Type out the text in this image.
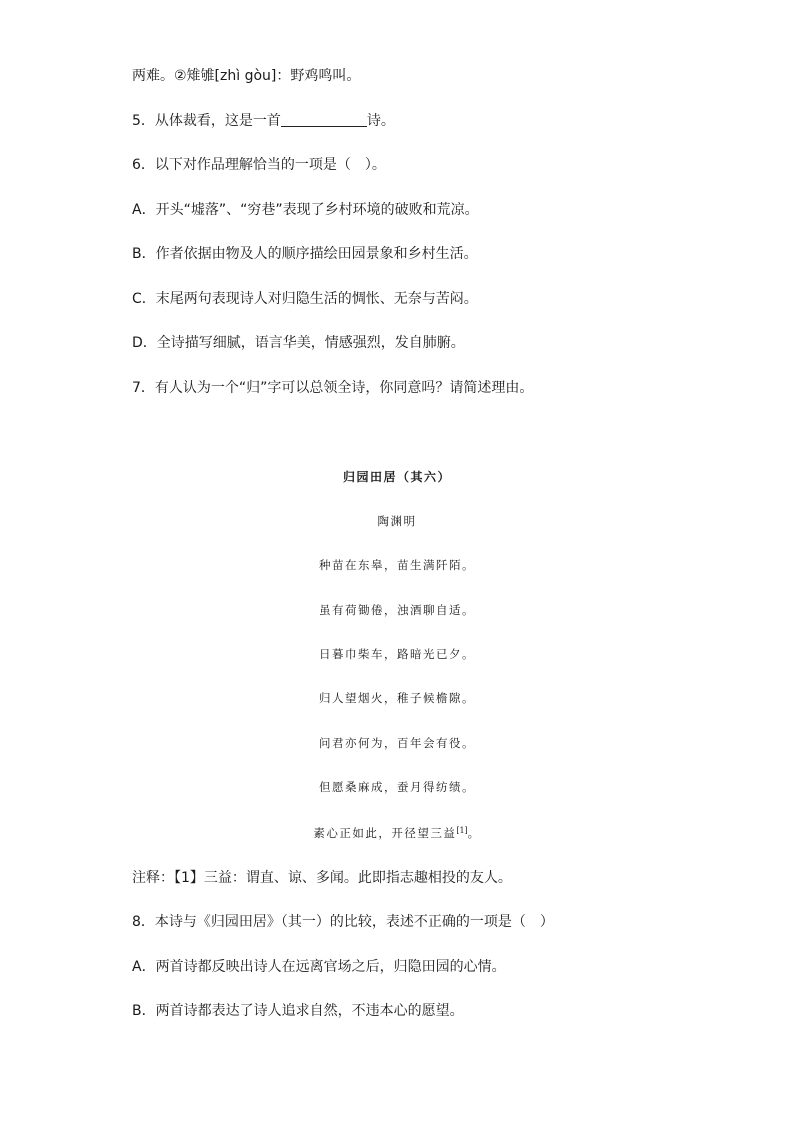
两难。②雉雊[zhì gòu]：野鸡鸣叫。
5．从体裁看，这是一首	诗。
6．以下对作品理解恰当的一项是（　）。
A．开头“墟落”、“穷巷”表现了乡村环境的破败和荒凉。
B．作者依据由物及人的顺序描绘田园景象和乡村生活。
C．末尾两句表现诗人对归隐生活的惆怅、无奈与苦闷。
D．全诗描写细腻，语言华美，情感强烈，发自肺腑。
7．有人认为一个“归”字可以总领全诗，你同意吗？请简述理由。
归园田居（其六）
陶渊明
种苗在东皋，苗生满阡陌。
虽有荷锄倦，浊酒聊自适。
日暮巾柴车，路暗光已夕。
归人望烟火，稚子候檐隙。
问君亦何为，百年会有役。
但愿桑麻成，蚕月得纺绩。
素心正如此，开径望三益[1]。
注释：【1】三益：谓直、谅、多闻。此即指志趣相投的友人。
8．本诗与《归园田居》（其一）的比较，表述不正确的一项是（　）
A．两首诗都反映出诗人在远离官场之后，归隐田园的心情。
B．两首诗都表达了诗人追求自然，不违本心的愿望。
